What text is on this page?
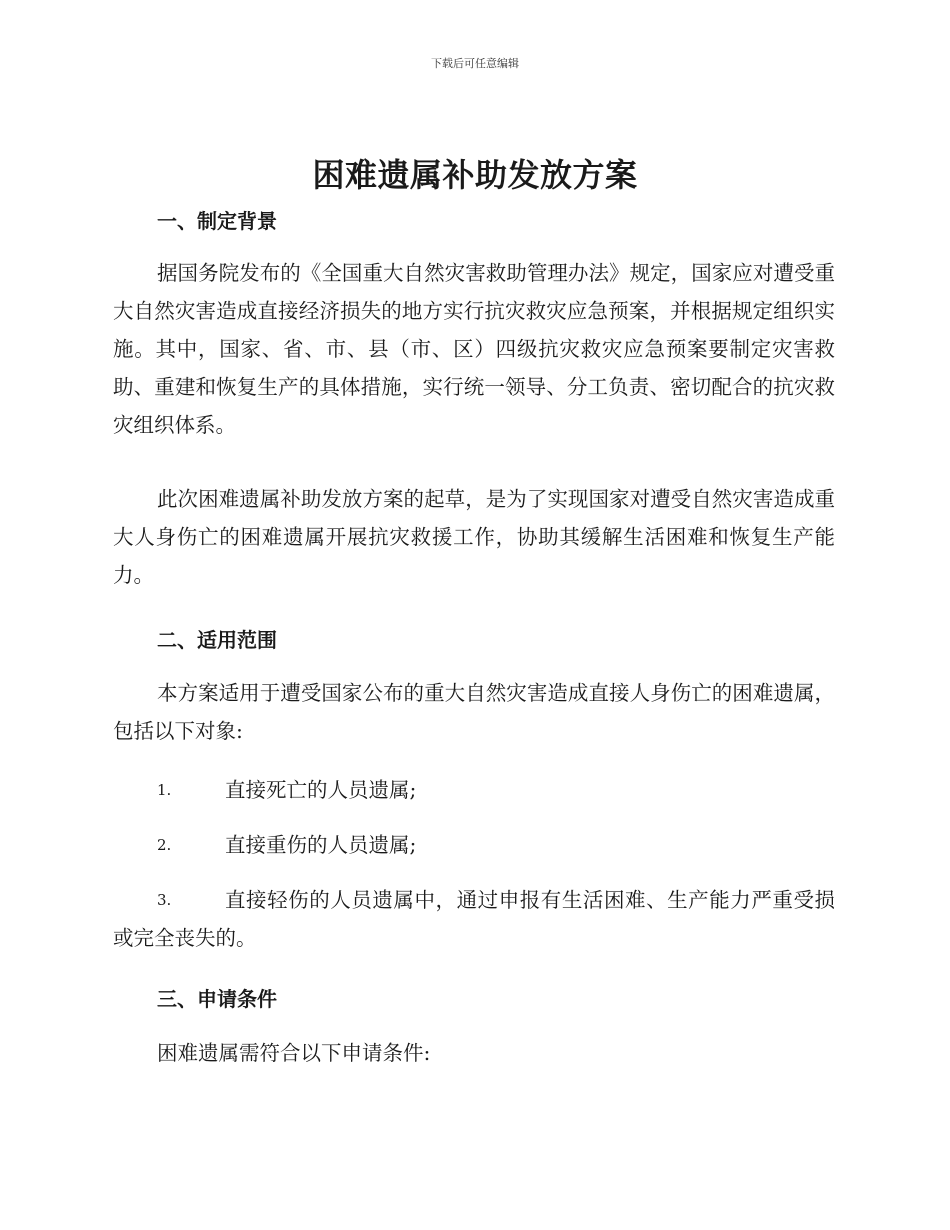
下载后可任意编辑
困难遗属补助发放方案
一、制定背景

据国务院发布的《全国重大自然灾害救助管理办法》规定，国家应对遭受重大自然灾害造成直接经济损失的地方实行抗灾救灾应急预案，并根据规定组织实施。其中，国家、省、市、县（市、区）四级抗灾救灾应急预案要制定灾害救助、重建和恢复生产的具体措施，实行统一领导、分工负责、密切配合的抗灾救灾组织体系。

此次困难遗属补助发放方案的起草，是为了实现国家对遭受自然灾害造成重大人身伤亡的困难遗属开展抗灾救援工作，协助其缓解生活困难和恢复生产能力。

二、适用范围

本方案适用于遭受国家公布的重大自然灾害造成直接人身伤亡的困难遗属，包括以下对象:

1.	直接死亡的人员遗属;
2.	直接重伤的人员遗属;
3.	直接轻伤的人员遗属中，通过申报有生活困难、生产能力严重受损或完全丧失的。
三、申请条件

困难遗属需符合以下申请条件:
